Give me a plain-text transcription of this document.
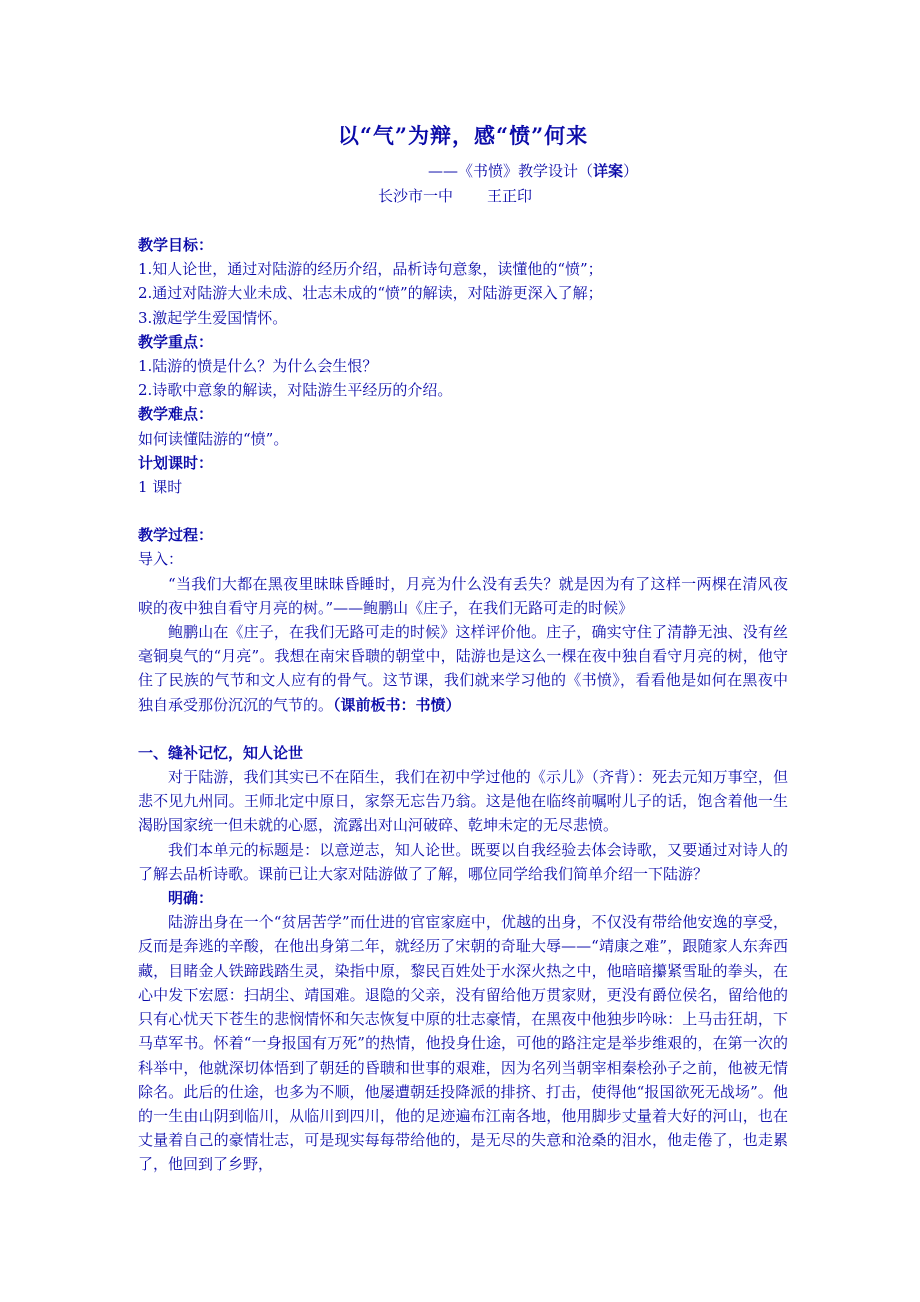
以“气”为辩，感“愤”何来
——《书愤》教学设计（详案）
长沙市一中 王正印
教学目标：
1.知人论世，通过对陆游的经历介绍，品析诗句意象，读懂他的“愤”；
2.通过对陆游大业未成、壮志未成的“愤”的解读，对陆游更深入了解；
3.激起学生爱国情怀。
教学重点：
1.陆游的愤是什么？为什么会生恨？
2.诗歌中意象的解读，对陆游生平经历的介绍。
教学难点：
如何读懂陆游的“愤”。
计划课时：
1 课时
教学过程：
导入：
“当我们大都在黑夜里昧昧昏睡时，月亮为什么没有丢失？就是因为有了这样一两棵在清风夜唳的夜中独自看守月亮的树。”——鲍鹏山《庄子，在我们无路可走的时候》
鲍鹏山在《庄子，在我们无路可走的时候》这样评价他。庄子，确实守住了清静无浊、没有丝毫铜臭气的“月亮”。我想在南宋昏聩的朝堂中，陆游也是这么一棵在夜中独自看守月亮的树，他守住了民族的气节和文人应有的骨气。这节课，我们就来学习他的《书愤》，看看他是如何在黑夜中独自承受那份沉沉的气节的。（课前板书：书愤）
一、缝补记忆，知人论世
对于陆游，我们其实已不在陌生，我们在初中学过他的《示儿》（齐背）：死去元知万事空，但悲不见九州同。王师北定中原日，家祭无忘告乃翁。这是他在临终前嘱咐儿子的话，饱含着他一生渴盼国家统一但未就的心愿，流露出对山河破碎、乾坤未定的无尽悲愤。
我们本单元的标题是：以意逆志，知人论世。既要以自我经验去体会诗歌，又要通过对诗人的了解去品析诗歌。课前已让大家对陆游做了了解，哪位同学给我们简单介绍一下陆游？
明确：
陆游出身在一个“贫居苦学”而仕进的官宦家庭中，优越的出身，不仅没有带给他安逸的享受，反而是奔逃的辛酸，在他出身第二年，就经历了宋朝的奇耻大辱——“靖康之难”，跟随家人东奔西藏，目睹金人铁蹄践踏生灵，染指中原，黎民百姓处于水深火热之中，他暗暗攥紧雪耻的拳头，在心中发下宏愿：扫胡尘、靖国难。退隐的父亲，没有留给他万贯家财，更没有爵位侯名，留给他的只有心忧天下苍生的悲悯情怀和矢志恢复中原的壮志豪情，在黑夜中他独步吟咏：上马击狂胡，下马草军书。怀着“一身报国有万死”的热情，他投身仕途，可他的路注定是举步维艰的，在第一次的科举中，他就深切体悟到了朝廷的昏聩和世事的艰难，因为名列当朝宰相秦桧孙子之前，他被无情除名。此后的仕途，也多为不顺，他屡遭朝廷投降派的排挤、打击，使得他“报国欲死无战场”。他的一生由山阴到临川，从临川到四川，他的足迹遍布江南各地，他用脚步丈量着大好的河山，也在丈量着自己的豪情壮志，可是现实每每带给他的，是无尽的失意和沧桑的泪水，他走倦了，也走累了，他回到了乡野，
